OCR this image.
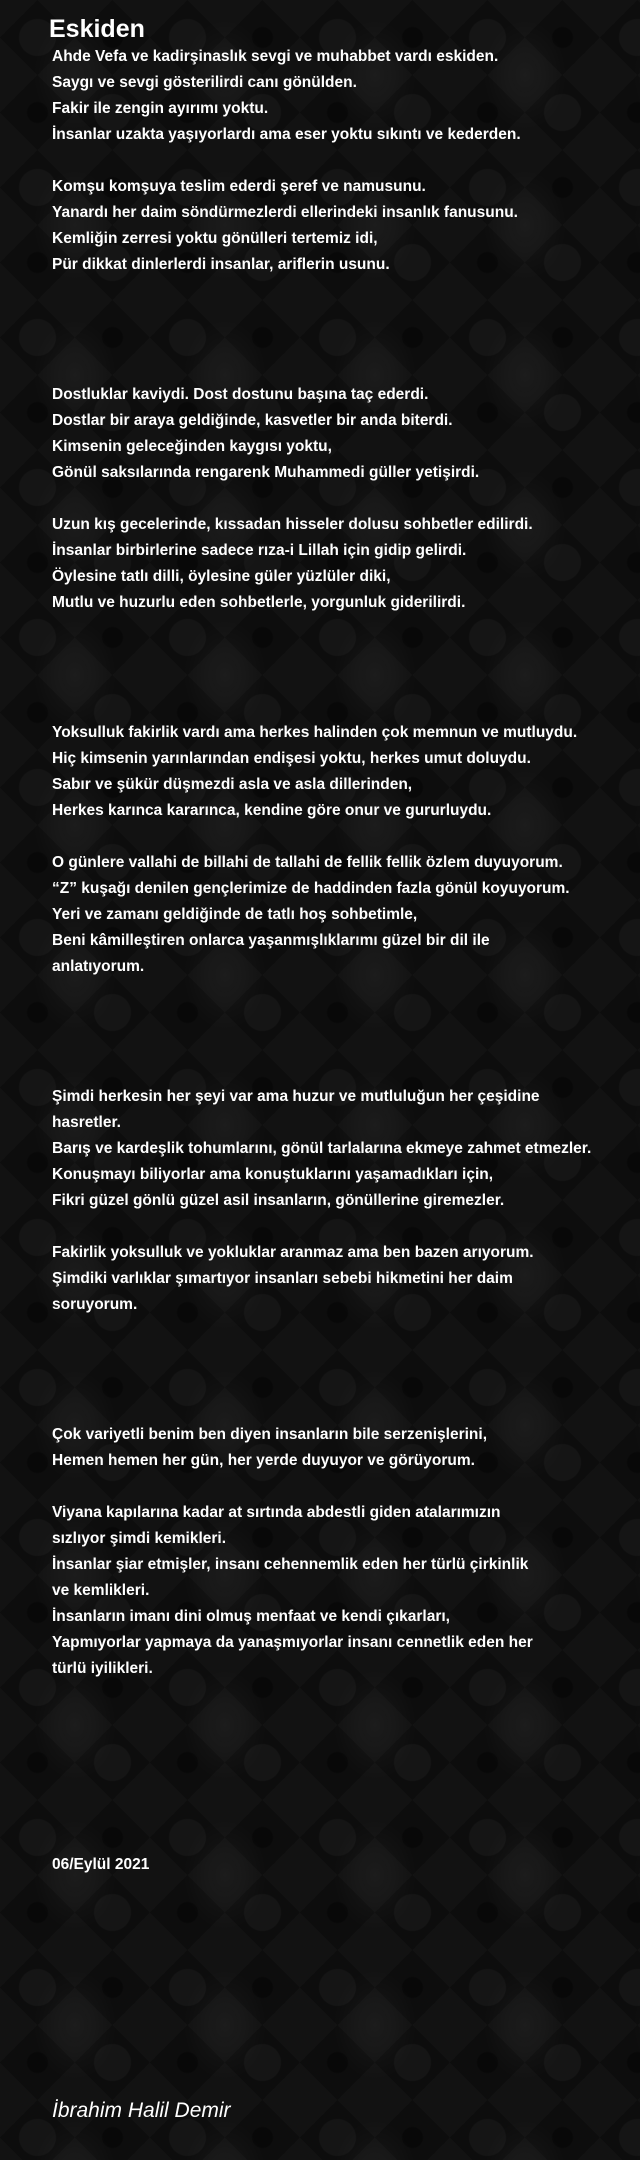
Eskiden
Ahde Vefa ve kadirşinaslık sevgi ve muhabbet vardı eskiden.
Saygı ve sevgi gösterilirdi canı gönülden.
Fakir ile zengin ayırımı yoktu.
İnsanlar uzakta yaşıyorlardı ama eser yoktu sıkıntı ve kederden.
Komşu komşuya teslim ederdi şeref ve namusunu.
Yanardı her daim söndürmezlerdi ellerindeki insanlık fanusunu.
Kemliğin zerresi yoktu gönülleri tertemiz idi,
Pür dikkat dinlerlerdi insanlar, ariflerin usunu.
Dostluklar kaviydi. Dost dostunu başına taç ederdi.
Dostlar bir araya geldiğinde, kasvetler bir anda biterdi.
Kimsenin geleceğinden kaygısı yoktu,
Gönül saksılarında rengarenk Muhammedi güller yetişirdi.
Uzun kış gecelerinde, kıssadan hisseler dolusu sohbetler edilirdi.
İnsanlar birbirlerine sadece rıza-i Lillah için gidip gelirdi.
Öylesine tatlı dilli, öylesine güler yüzlüler diki,
Mutlu ve huzurlu eden sohbetlerle, yorgunluk giderilirdi.
Yoksulluk fakirlik vardı ama herkes halinden çok memnun ve mutluydu.
Hiç kimsenin yarınlarından endişesi yoktu, herkes umut doluydu.
Sabır ve şükür düşmezdi asla ve asla dillerinden,
Herkes karınca kararınca, kendine göre onur ve gururluydu.
O günlere vallahi de billahi de tallahi de fellik fellik özlem duyuyorum.
“Z” kuşağı denilen gençlerimize de haddinden fazla gönül koyuyorum.
Yeri ve zamanı geldiğinde de tatlı hoş sohbetimle,
Beni kâmilleştiren onlarca yaşanmışlıklarımı güzel bir dil ile
anlatıyorum.
Şimdi herkesin her şeyi var ama huzur ve mutluluğun her çeşidine
hasretler.
Barış ve kardeşlik tohumlarını, gönül tarlalarına ekmeye zahmet etmezler.
Konuşmayı biliyorlar ama konuştuklarını yaşamadıkları için,
Fikri güzel gönlü güzel asil insanların, gönüllerine giremezler.
Fakirlik yoksulluk ve yokluklar aranmaz ama ben bazen arıyorum.
Şimdiki varlıklar şımartıyor insanları sebebi hikmetini her daim
soruyorum.
Çok variyetli benim ben diyen insanların bile serzenişlerini,
Hemen hemen her gün, her yerde duyuyor ve görüyorum.
Viyana kapılarına kadar at sırtında abdestli giden atalarımızın
sızlıyor şimdi kemikleri.
İnsanlar şiar etmişler, insanı cehennemlik eden her türlü çirkinlik
ve kemlikleri.
İnsanların imanı dini olmuş menfaat ve kendi çıkarları,
Yapmıyorlar yapmaya da yanaşmıyorlar insanı cennetlik eden her
türlü iyilikleri.
06/Eylül 2021
İbrahim Halil Demir
